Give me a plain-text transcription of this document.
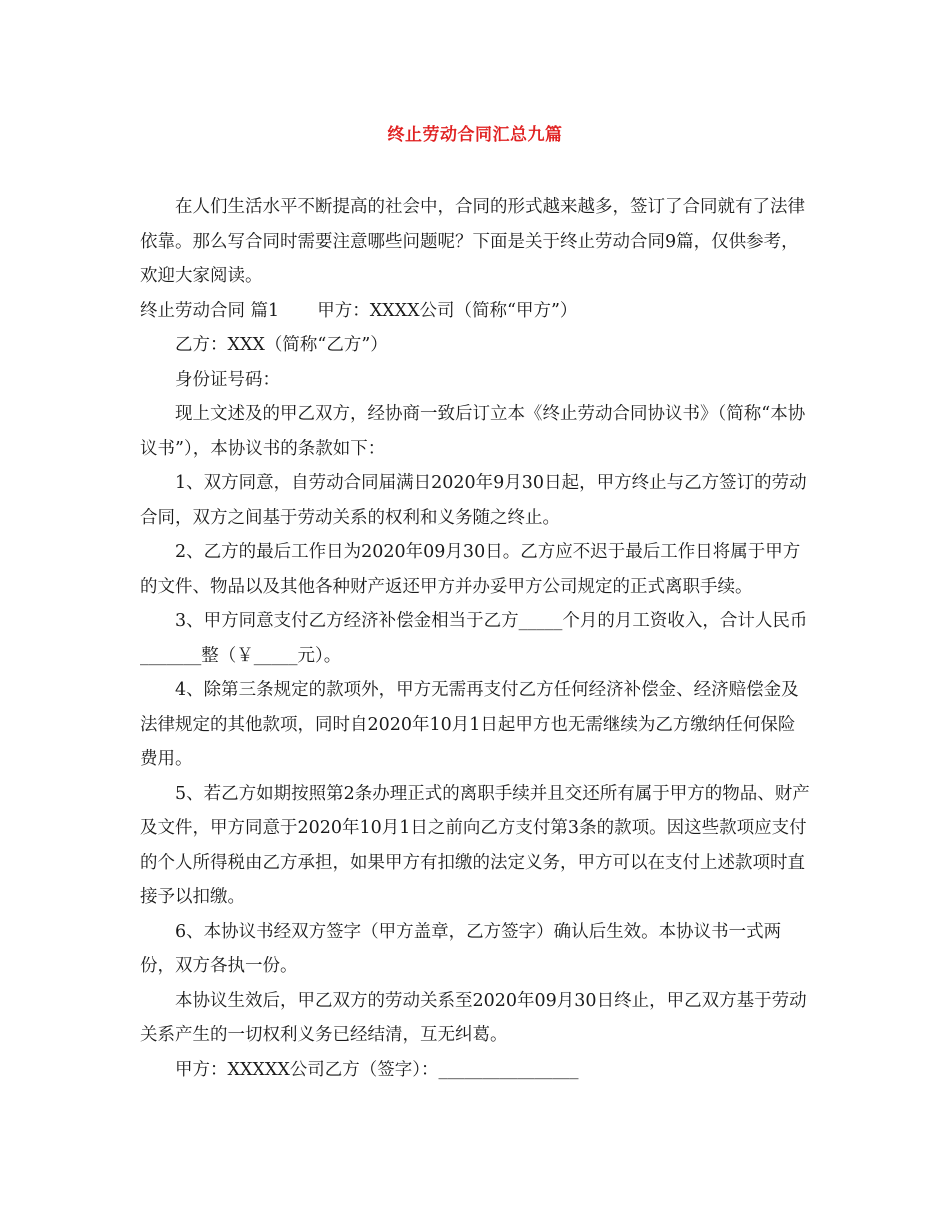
终止劳动合同汇总九篇

在人们生活水平不断提高的社会中，合同的形式越来越多，签订了合同就有了法律依靠。那么写合同时需要注意哪些问题呢？下面是关于终止劳动合同9篇，仅供参考，欢迎大家阅读。

终止劳动合同 篇1 甲方：XXXX公司（简称“甲方”）

乙方：XXX（简称“乙方”）

身份证号码：

现上文述及的甲乙双方，经协商一致后订立本《终止劳动合同协议书》（简称“本协议书”），本协议书的条款如下：

1、双方同意，自劳动合同届满日2020年9月30日起，甲方终止与乙方签订的劳动合同，双方之间基于劳动关系的权利和义务随之终止。

2、乙方的最后工作日为2020年09月30日。乙方应不迟于最后工作日将属于甲方的文件、物品以及其他各种财产返还甲方并办妥甲方公司规定的正式离职手续。

3、甲方同意支付乙方经济补偿金相当于乙方_____个月的月工资收入，合计人民币_______整（￥_____元）。

4、除第三条规定的款项外，甲方无需再支付乙方任何经济补偿金、经济赔偿金及法律规定的其他款项，同时自2020年10月1日起甲方也无需继续为乙方缴纳任何保险费用。

5、若乙方如期按照第2条办理正式的离职手续并且交还所有属于甲方的物品、财产及文件，甲方同意于2020年10月1日之前向乙方支付第3条的款项。因这些款项应支付的个人所得税由乙方承担，如果甲方有扣缴的法定义务，甲方可以在支付上述款项时直接予以扣缴。

6、本协议书经双方签字（甲方盖章，乙方签字）确认后生效。本协议书一式两份，双方各执一份。

本协议生效后，甲乙双方的劳动关系至2020年09月30日终止，甲乙双方基于劳动关系产生的一切权利义务已经结清，互无纠葛。

甲方：XXXXX公司乙方（签字）：________________
